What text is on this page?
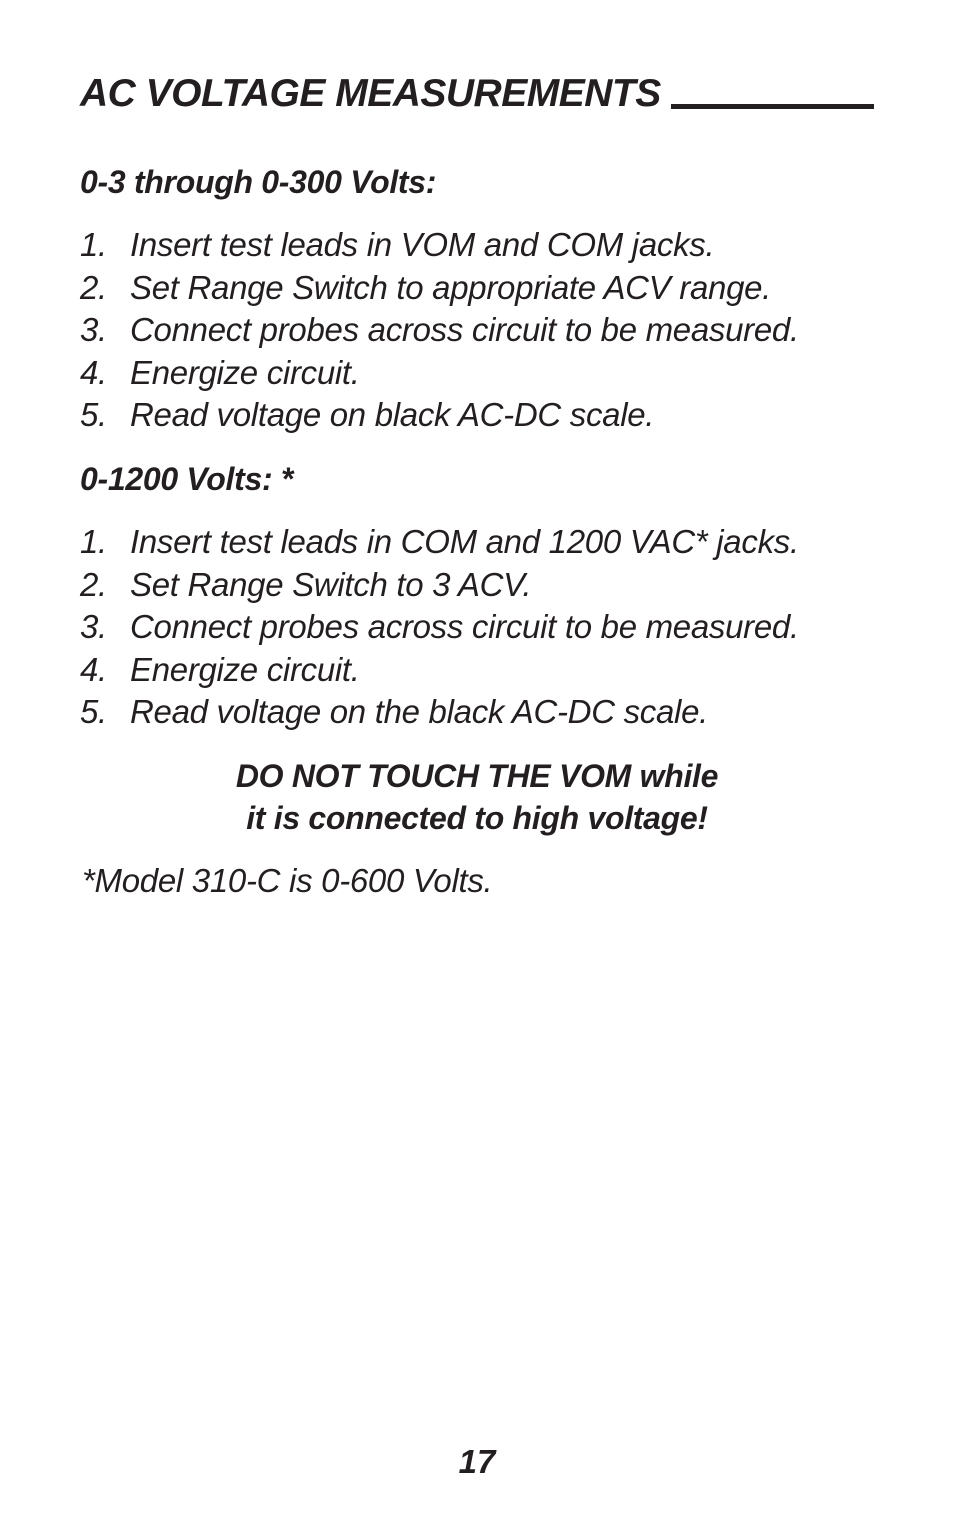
AC VOLTAGE MEASUREMENTS
0-3 through 0-300 Volts:
1. Insert test leads in VOM and COM jacks.
2. Set Range Switch to appropriate ACV range.
3. Connect probes across circuit to be measured.
4. Energize circuit.
5. Read voltage on black AC-DC scale.
0-1200 Volts: *
1. Insert test leads in COM and 1200 VAC* jacks.
2. Set Range Switch to 3 ACV.
3. Connect probes across circuit to be measured.
4. Energize circuit.
5. Read voltage on the black AC-DC scale.
DO NOT TOUCH THE VOM while
it is connected to high voltage!
*Model 310-C is 0-600 Volts.
17
